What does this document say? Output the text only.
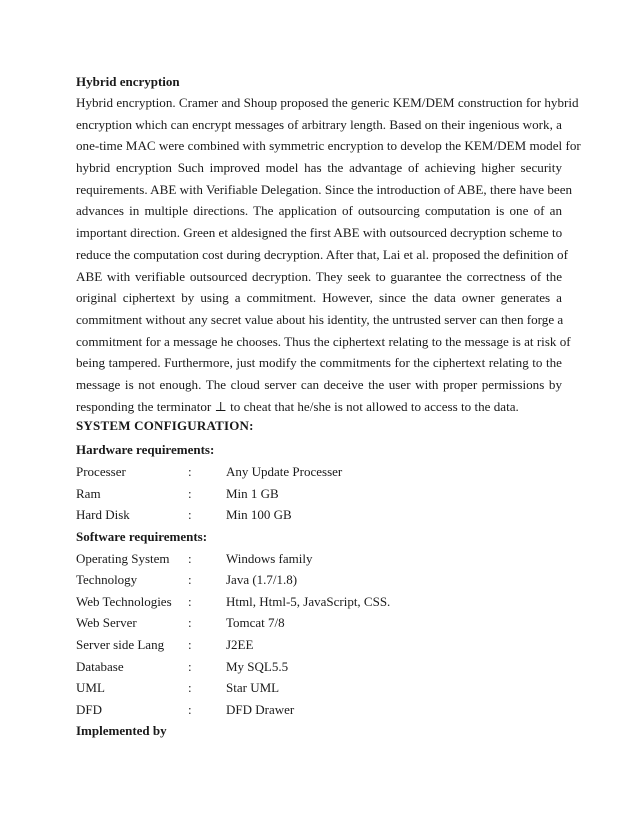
Hybrid encryption
Hybrid encryption. Cramer and Shoup proposed the generic KEM/DEM construction for hybrid
encryption which can encrypt messages of arbitrary length. Based on their ingenious work, a
one-time MAC were combined with symmetric encryption to develop the KEM/DEM model for
hybrid encryption Such improved model has the advantage of achieving higher security
requirements. ABE with Verifiable Delegation. Since the introduction of ABE, there have been
advances in multiple directions. The application of outsourcing computation is one of an
important direction. Green et aldesigned the first ABE with outsourced decryption scheme to
reduce the computation cost during decryption. After that, Lai et al. proposed the definition of
ABE with verifiable outsourced decryption. They seek to guarantee the correctness of the
original ciphertext by using a commitment. However, since the data owner generates a
commitment without any secret value about his identity, the untrusted server can then forge a
commitment for a message he chooses. Thus the ciphertext relating to the message is at risk of
being tampered. Furthermore, just modify the commitments for the ciphertext relating to the
message is not enough. The cloud server can deceive the user with proper permissions by
responding the terminator ⊥ to cheat that he/she is not allowed to access to the data.
SYSTEM CONFIGURATION:
Hardware requirements:
Processer	:	Any Update Processer
Ram	:	Min 1 GB
Hard Disk	:	Min 100 GB
Software requirements:
Operating System :	Windows family
Technology	:	Java (1.7/1.8)
Web Technologies :	Html, Html-5, JavaScript, CSS.
Web Server	:	Tomcat 7/8
Server side Lang :	J2EE
Database	:	My SQL5.5
UML	:	Star UML
DFD	:	DFD Drawer
Implemented by
